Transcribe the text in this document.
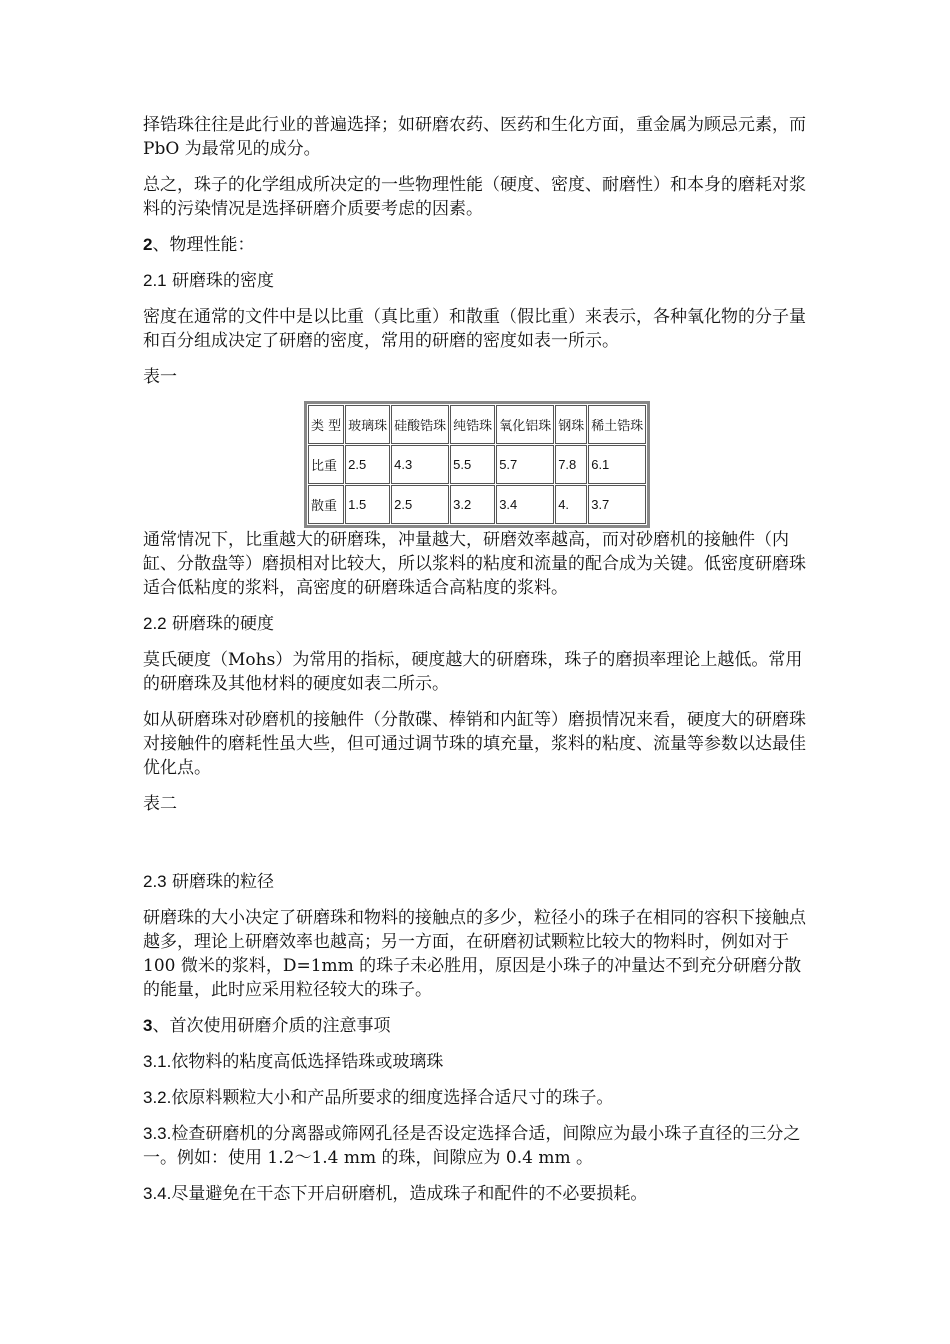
择锆珠往往是此行业的普遍选择；如研磨农药、医药和生化方面，重金属为顾忌元素，而 PbO 为最常见的成分。

总之，珠子的化学组成所决定的一些物理性能（硬度、密度、耐磨性）和本身的磨耗对浆料的污染情况是选择研磨介质要考虑的因素。

2、物理性能：

2.1 研磨珠的密度

密度在通常的文件中是以比重（真比重）和散重（假比重）来表示，各种氧化物的分子量和百分组成决定了研磨的密度，常用的研磨的密度如表一所示。

表一

类 型	玻璃珠	硅酸锆珠	纯锆珠	氧化铝珠	钢珠	稀土锆珠
比重	2.5	4.3	5.5	5.7	7.8	6.1
散重	1.5	2.5	3.2	3.4	4.	3.7

通常情况下，比重越大的研磨珠，冲量越大，研磨效率越高，而对砂磨机的接触件（内缸、分散盘等）磨损相对比较大，所以浆料的粘度和流量的配合成为关键。低密度研磨珠适合低粘度的浆料，高密度的研磨珠适合高粘度的浆料。

2.2 研磨珠的硬度

莫氏硬度（Mohs）为常用的指标，硬度越大的研磨珠，珠子的磨损率理论上越低。常用的研磨珠及其他材料的硬度如表二所示。

如从研磨珠对砂磨机的接触件（分散碟、棒销和内缸等）磨损情况来看，硬度大的研磨珠对接触件的磨耗性虽大些，但可通过调节珠的填充量，浆料的粘度、流量等参数以达最佳优化点。

表二

2.3 研磨珠的粒径

研磨珠的大小决定了研磨珠和物料的接触点的多少，粒径小的珠子在相同的容积下接触点越多，理论上研磨效率也越高；另一方面，在研磨初试颗粒比较大的物料时，例如对于 100 微米的浆料，D=1mm 的珠子未必胜用，原因是小珠子的冲量达不到充分研磨分散的能量，此时应采用粒径较大的珠子。

3、首次使用研磨介质的注意事项

3.1.依物料的粘度高低选择锆珠或玻璃珠

3.2.依原料颗粒大小和产品所要求的细度选择合适尺寸的珠子。

3.3.检查研磨机的分离器或筛网孔径是否设定选择合适，间隙应为最小珠子直径的三分之一。例如：使用 1.2～1.4 mm 的珠，间隙应为 0.4 mm 。

3.4.尽量避免在干态下开启研磨机，造成珠子和配件的不必要损耗。
